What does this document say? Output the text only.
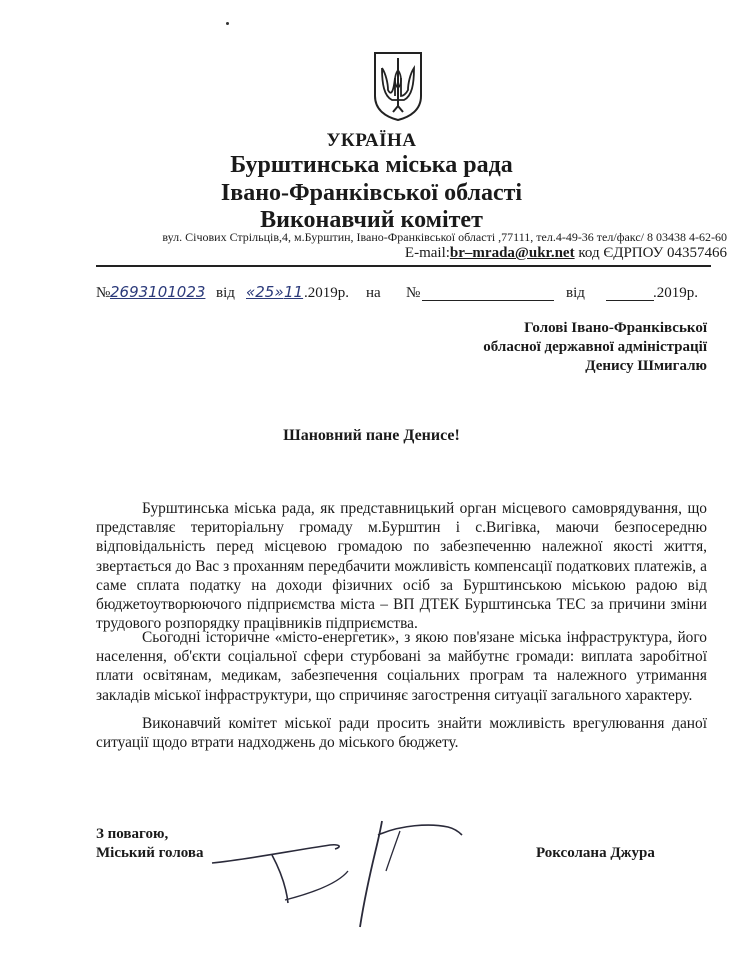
УКРАЇНА
Бурштинська міська рада
Івано-Франківської області
Виконавчий комітет
вул. Січових Стрільців,4, м.Бурштин, Івано-Франківської області ,77111, тел.4-49-36 тел/факс/ 8 03438 4-62-60
E-mail:br–mrada@ukr.net код ЄДРПОУ 04357466
№ 2693101023 від «25» 11 .2019р. на №	від	.2019р.
Голові Івано-Франківської
обласної державної адміністрації
Денису Шмигалю
Шановний пане Денисе!

Бурштинська міська рада, як представницький орган місцевого самоврядування, що представляє територіальну громаду м.Бурштин і с.Вигівка, маючи безпосередню відповідальність перед місцевою громадою по забезпеченню належної якості життя, звертається до Вас з проханням передбачити можливість компенсації податкових платежів, а саме сплата податку на доходи фізичних осіб за Бурштинською міською радою від бюджетоутворюючого підприємства міста – ВП ДТЕК Бурштинська ТЕС за причини зміни трудового розпорядку працівників підприємства.

Сьогодні історичне «місто-енергетик», з якою пов'язане міська інфраструктура, його населення, об'єкти соціальної сфери стурбовані за майбутнє громади: виплата заробітної плати освітянам, медикам, забезпечення соціальних програм та належного утримання закладів міської інфраструктури, що спричиняє загострення ситуації загального характеру.

Виконавчий комітет міської ради просить знайти можливість врегулювання даної ситуації щодо втрати надходжень до міського бюджету.

З повагою,
Міський голова	Роксолана Джура
